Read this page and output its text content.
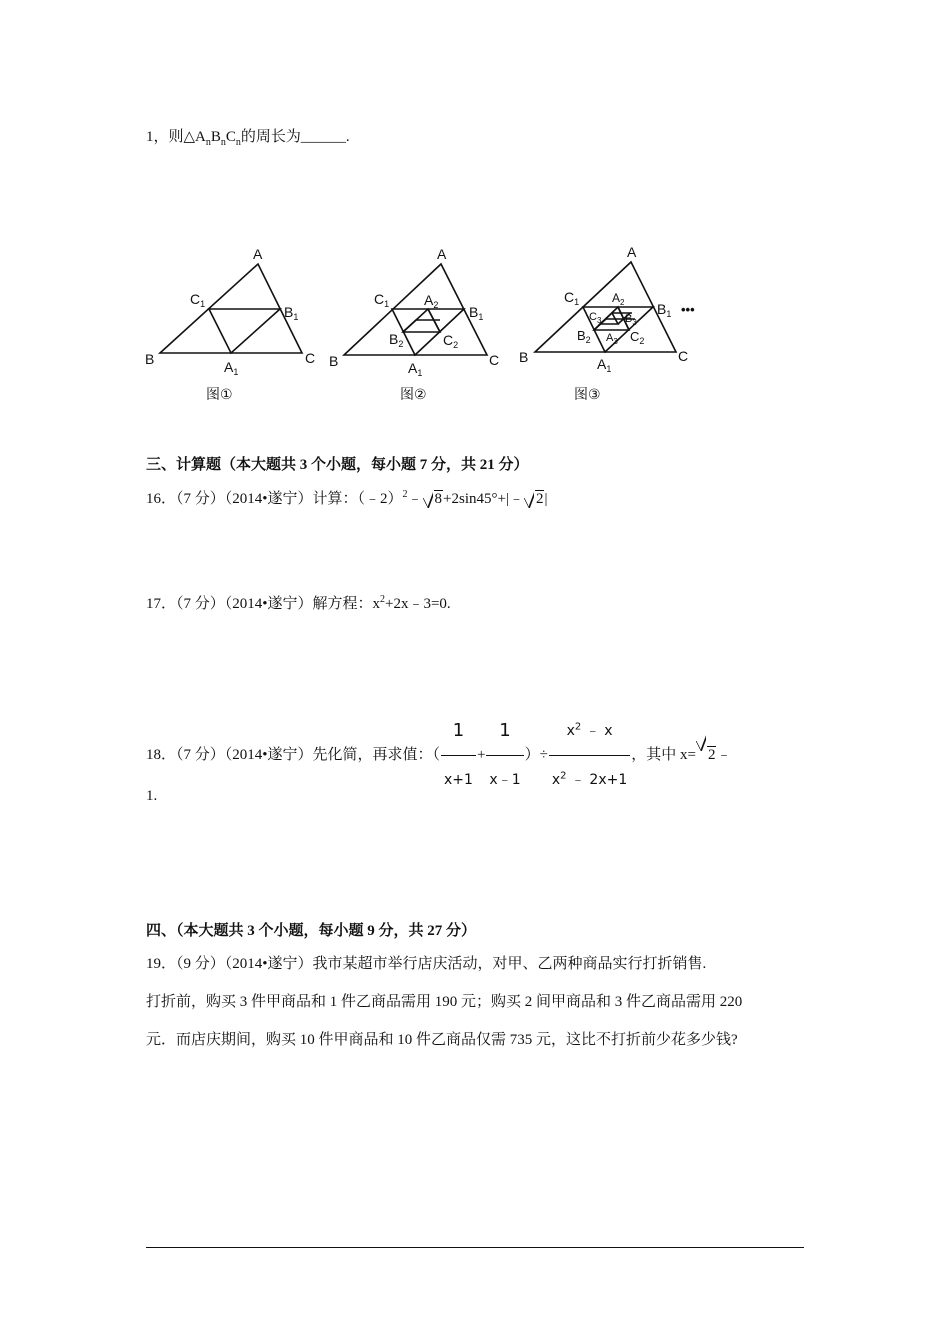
1，则$\triangle A_nB_nC_n$的周长为______.
A
B	C
$C_1$	$B_1$
$A_1$
A
B	C
$C_1$	$B_1$
$A_1$
$A_2$
$B_2$	$C_2$
A
B	C
$C_1$	$B_1$
$A_1$
$A_2$
$B_2$	$C_2$
$C_3$ $B_3$
$A_3$
•••
图①	图②	图③
三、计算题（本大题共 3 个小题，每小题 7 分，共 21 分）
16．（7 分）（2014•遂宁）计算：（﹣2）$^2$﹣ 8+2sin45°+|﹣ 2|
17．（7 分）（2014•遂宁）解方程：$x^2+2x﹣3=0$.
18．（7 分）（2014•遂宁）先化简，再求值：（ $\frac{1}{x+1} + \frac{1}{x﹣1}$ ）÷ $\frac{x^2 ﹣ x}{x^2 ﹣ 2x+1}$ ，其中 x= 2﹣
1.
四、（本大题共 3 个小题，每小题 9 分，共 27 分）
19．（9 分）（2014•遂宁）我市某超市举行店庆活动，对甲、乙两种商品实行打折销售.
打折前，购买 3 件甲商品和 1 件乙商品需用 190 元；购买 2 间甲商品和 3 件乙商品需用 220
元．而店庆期间，购买 10 件甲商品和 10 件乙商品仅需 735 元，这比不打折前少花多少钱?
